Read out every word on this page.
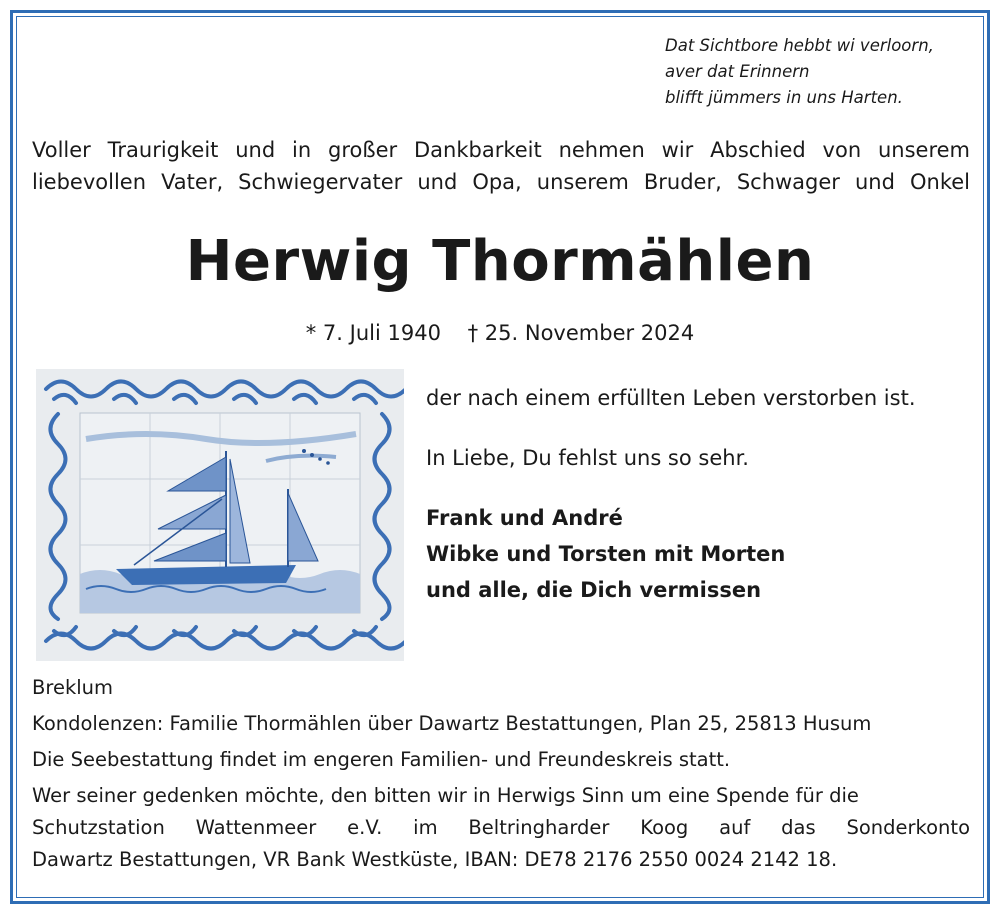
Dat Sichtbore hebbt wi verloorn,
aver dat Erinnern
blifft jümmers in uns Harten.
Voller Traurigkeit und in großer Dankbarkeit nehmen wir Abschied von unserem
liebevollen Vater, Schwiegervater und Opa, unserem Bruder, Schwager und Onkel
Herwig Thormählen
* 7. Juli 1940 † 25. November 2024
der nach einem erfüllten Leben verstorben ist.
In Liebe, Du fehlst uns so sehr.
Frank und André
Wibke und Torsten mit Morten
und alle, die Dich vermissen
Breklum
Kondolenzen: Familie Thormählen über Dawartz Bestattungen, Plan 25, 25813 Husum
Die Seebestattung findet im engeren Familien- und Freundeskreis statt.
Wer seiner gedenken möchte, den bitten wir in Herwigs Sinn um eine Spende für die
Schutzstation Wattenmeer e.V. im Beltringharder Koog auf das Sonderkonto
Dawartz Bestattungen, VR Bank Westküste, IBAN: DE78 2176 2550 0024 2142 18.
